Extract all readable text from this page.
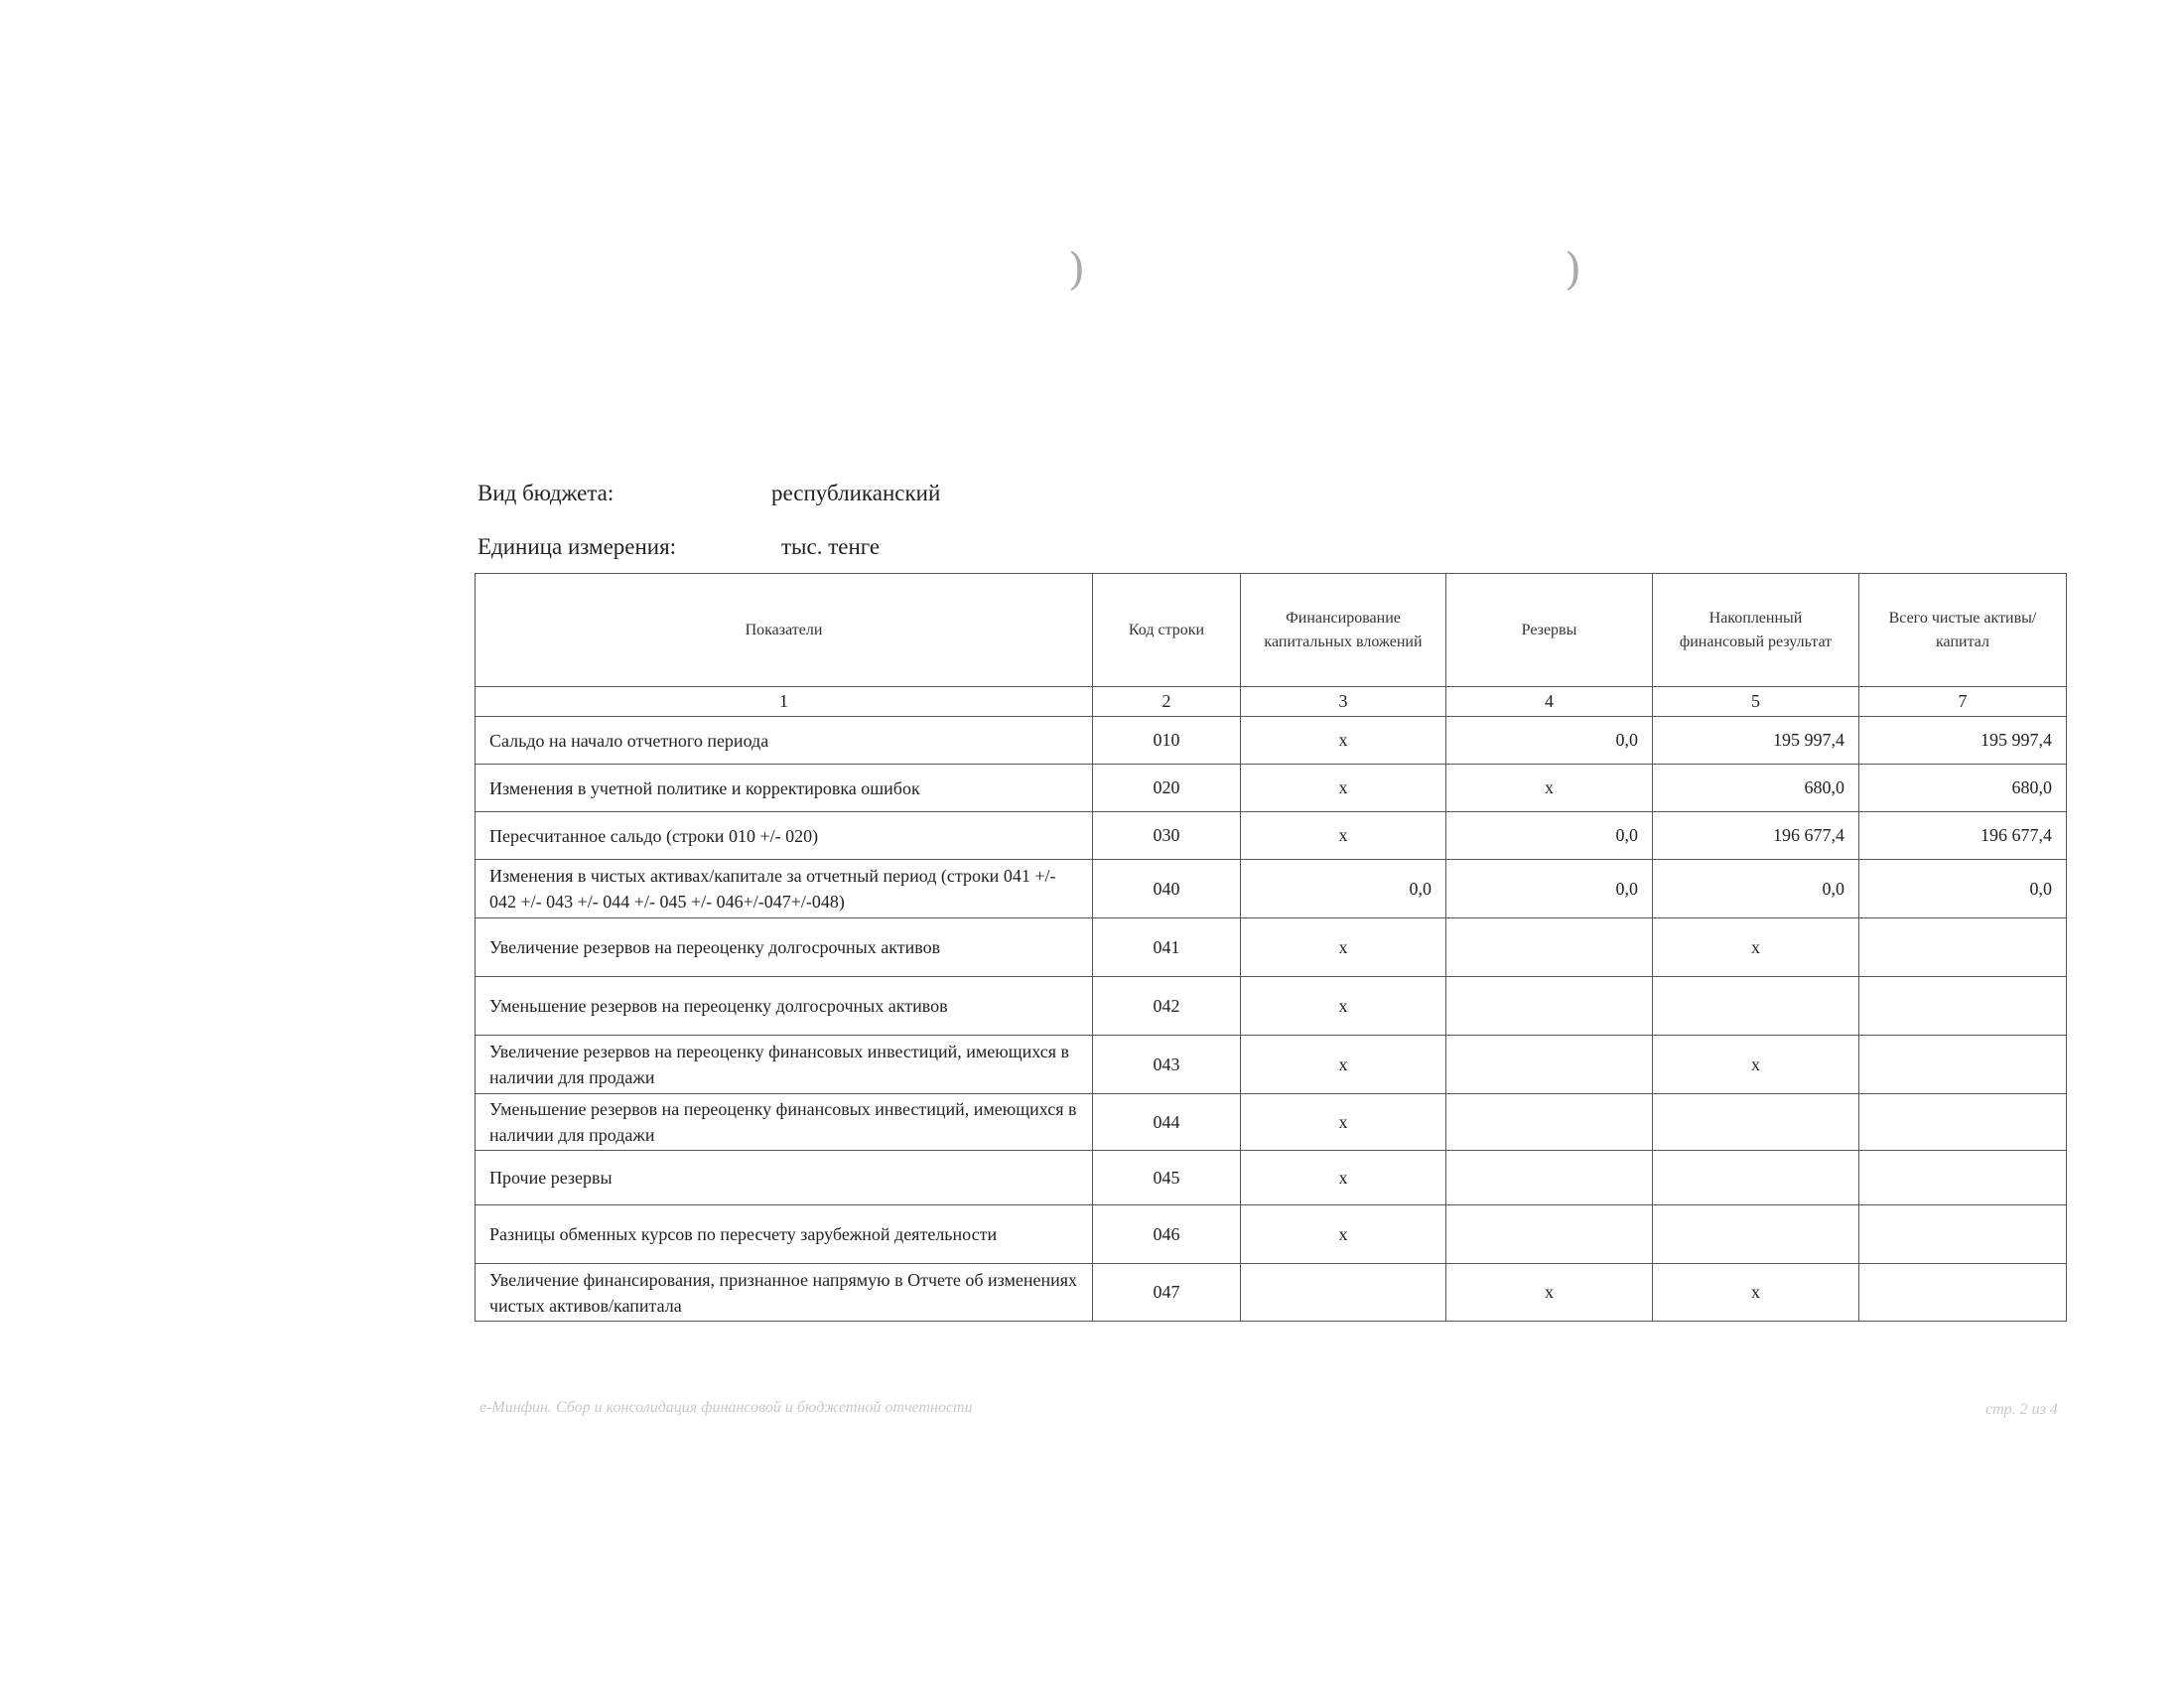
)	)
Вид бюджета:	республиканский
Единица измерения:	тыс. тенге
Показатели	Код строки	Финансирование капитальных вложений	Резервы	Накопленный финансовый результат	Всего чистые активы/ капитал
1	2	3	4	5	7
Сальдо на начало отчетного периода	010	x	0,0	195 997,4	195 997,4
Изменения в учетной политике и корректировка ошибок	020	x	x	680,0	680,0
Пересчитанное сальдо (строки 010 +/- 020)	030	x	0,0	196 677,4	196 677,4
Изменения в чистых активах/капитале за отчетный период (строки 041 +/- 042 +/- 043 +/- 044 +/- 045 +/- 046+/-047+/-048)	040	0,0	0,0	0,0	0,0
Увеличение резервов на переоценку долгосрочных активов	041	x		x	
Уменьшение резервов на переоценку долгосрочных активов	042	x			
Увеличение резервов на переоценку финансовых инвестиций, имеющихся в наличии для продажи	043	x		x	
Уменьшение резервов на переоценку финансовых инвестиций, имеющихся в наличии для продажи	044	x			
Прочие резервы	045	x			
Разницы обменных курсов по пересчету зарубежной деятельности	046	x			
Увеличение финансирования, признанное напрямую в Отчете об изменениях чистых активов/капитала	047		x	x	
е-Минфин. Сбор и консолидация финансовой и бюджетной отчетности	стр. 2 из 4
